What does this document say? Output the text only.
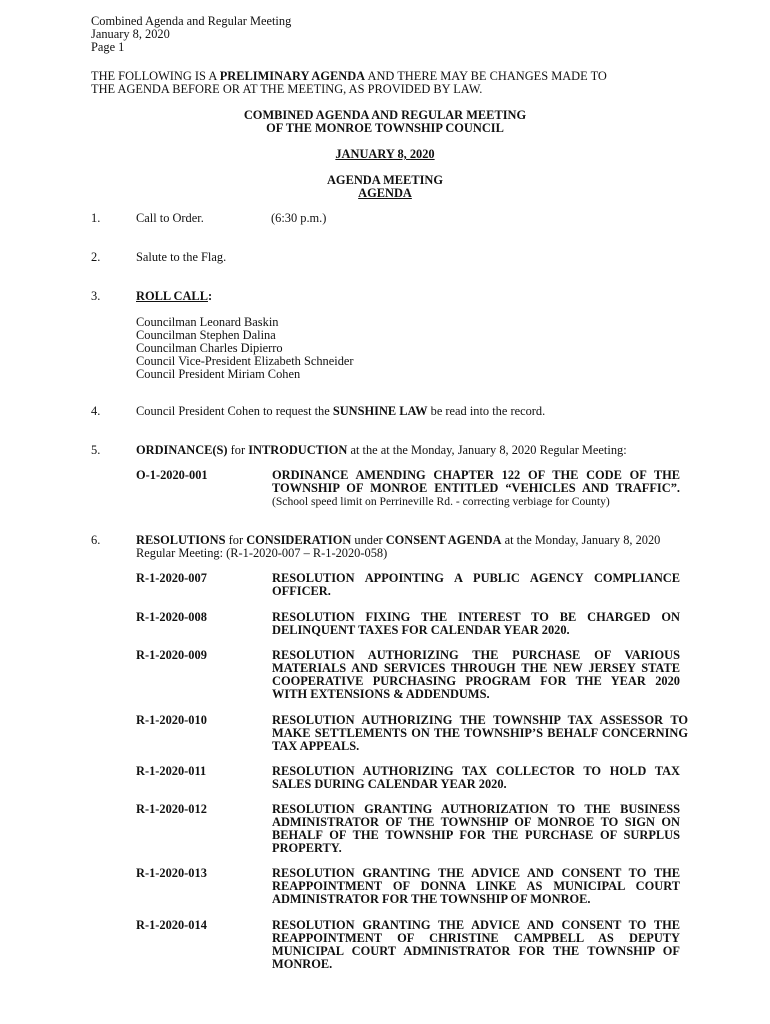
Combined Agenda and Regular Meeting
January 8, 2020
Page 1
THE FOLLOWING IS A PRELIMINARY AGENDA AND THERE MAY BE CHANGES MADE TO
THE AGENDA BEFORE OR AT THE MEETING, AS PROVIDED BY LAW.
COMBINED AGENDA AND REGULAR MEETING
OF THE MONROE TOWNSHIP COUNCIL
JANUARY 8, 2020
AGENDA MEETING
AGENDA
1.	Call to Order.	(6:30 p.m.)
2.	Salute to the Flag.
3.	ROLL CALL:
Councilman Leonard Baskin
Councilman Stephen Dalina
Councilman Charles Dipierro
Council Vice-President Elizabeth Schneider
Council President Miriam Cohen
4.	Council President Cohen to request the SUNSHINE LAW be read into the record.
5.	ORDINANCE(S) for INTRODUCTION at the at the Monday, January 8, 2020 Regular Meeting:
O-1-2020-001	ORDINANCE AMENDING CHAPTER 122 OF THE CODE OF THE TOWNSHIP OF MONROE ENTITLED “VEHICLES AND TRAFFIC”. (School speed limit on Perrineville Rd. - correcting verbiage for County)
6.	RESOLUTIONS for CONSIDERATION under CONSENT AGENDA at the Monday, January 8, 2020
Regular Meeting: (R-1-2020-007 – R-1-2020-058)
R-1-2020-007	RESOLUTION APPOINTING A PUBLIC AGENCY COMPLIANCE OFFICER.
R-1-2020-008	RESOLUTION FIXING THE INTEREST TO BE CHARGED ON DELINQUENT TAXES FOR CALENDAR YEAR 2020.
R-1-2020-009	RESOLUTION AUTHORIZING THE PURCHASE OF VARIOUS MATERIALS AND SERVICES THROUGH THE NEW JERSEY STATE COOPERATIVE PURCHASING PROGRAM FOR THE YEAR 2020 WITH EXTENSIONS & ADDENDUMS.
R-1-2020-010	RESOLUTION AUTHORIZING THE TOWNSHIP TAX ASSESSOR TO MAKE SETTLEMENTS ON THE TOWNSHIP’S BEHALF CONCERNING TAX APPEALS.
R-1-2020-011	RESOLUTION AUTHORIZING TAX COLLECTOR TO HOLD TAX SALES DURING CALENDAR YEAR 2020.
R-1-2020-012	RESOLUTION GRANTING AUTHORIZATION TO THE BUSINESS ADMINISTRATOR OF THE TOWNSHIP OF MONROE TO SIGN ON BEHALF OF THE TOWNSHIP FOR THE PURCHASE OF SURPLUS PROPERTY.
R-1-2020-013	RESOLUTION GRANTING THE ADVICE AND CONSENT TO THE REAPPOINTMENT OF DONNA LINKE AS MUNICIPAL COURT ADMINISTRATOR FOR THE TOWNSHIP OF MONROE.
R-1-2020-014	RESOLUTION GRANTING THE ADVICE AND CONSENT TO THE REAPPOINTMENT OF CHRISTINE CAMPBELL AS DEPUTY MUNICIPAL COURT ADMINISTRATOR FOR THE TOWNSHIP OF MONROE.
